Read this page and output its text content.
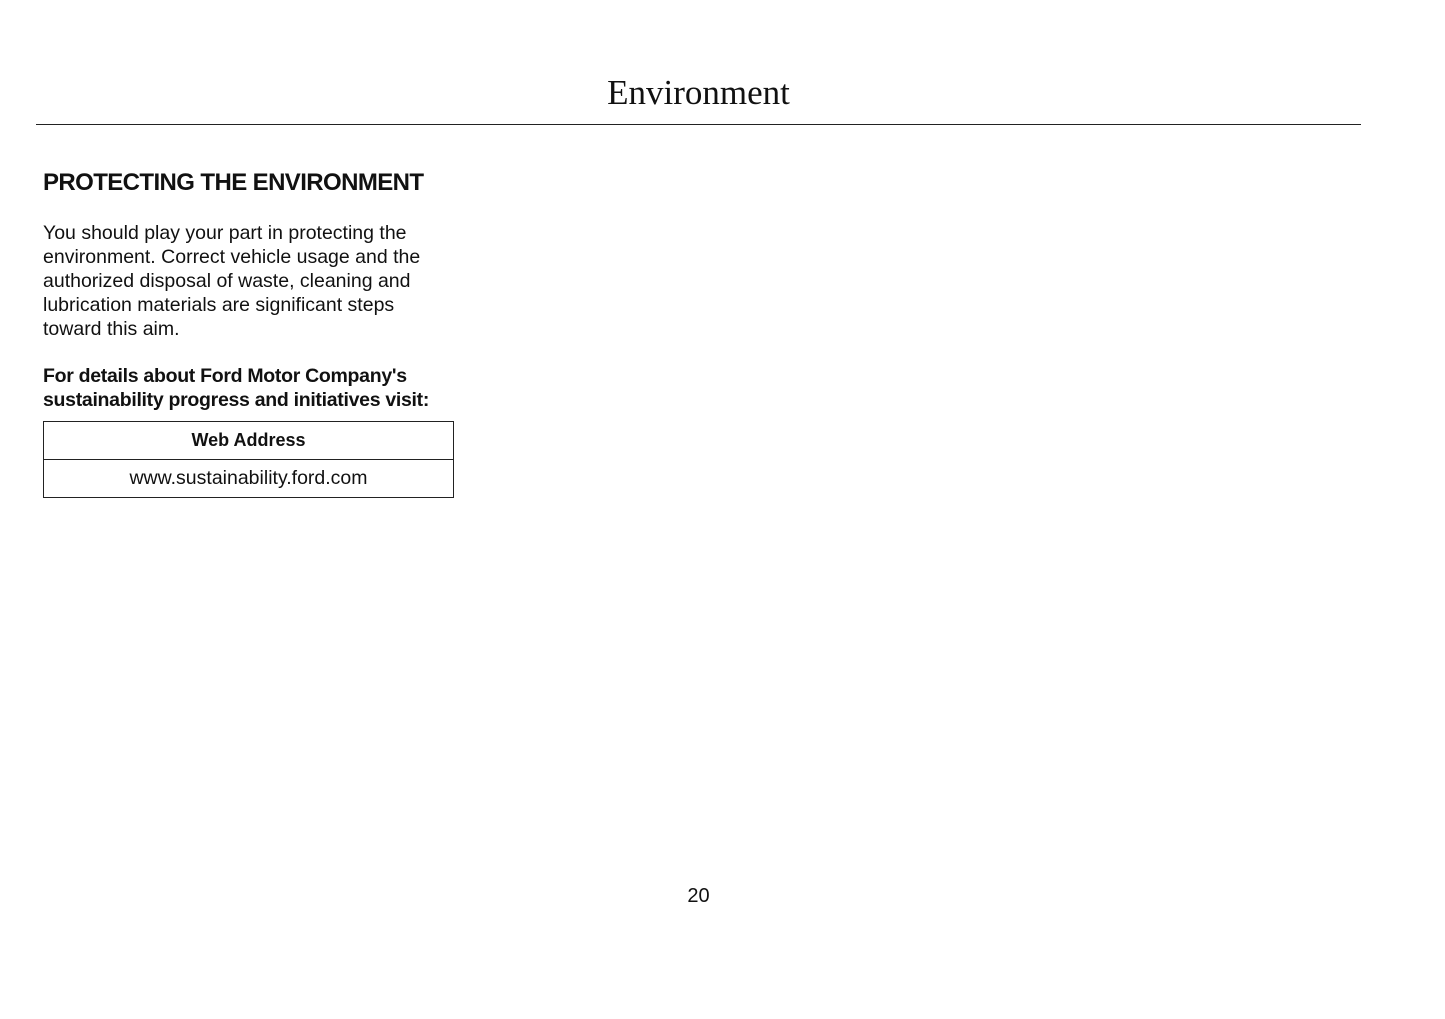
Environment
PROTECTING THE ENVIRONMENT

You should play your part in protecting the
environment. Correct vehicle usage and the
authorized disposal of waste, cleaning and
lubrication materials are significant steps
toward this aim.

For details about Ford Motor Company's
sustainability progress and initiatives visit:

Web Address
www.sustainability.ford.com
20
